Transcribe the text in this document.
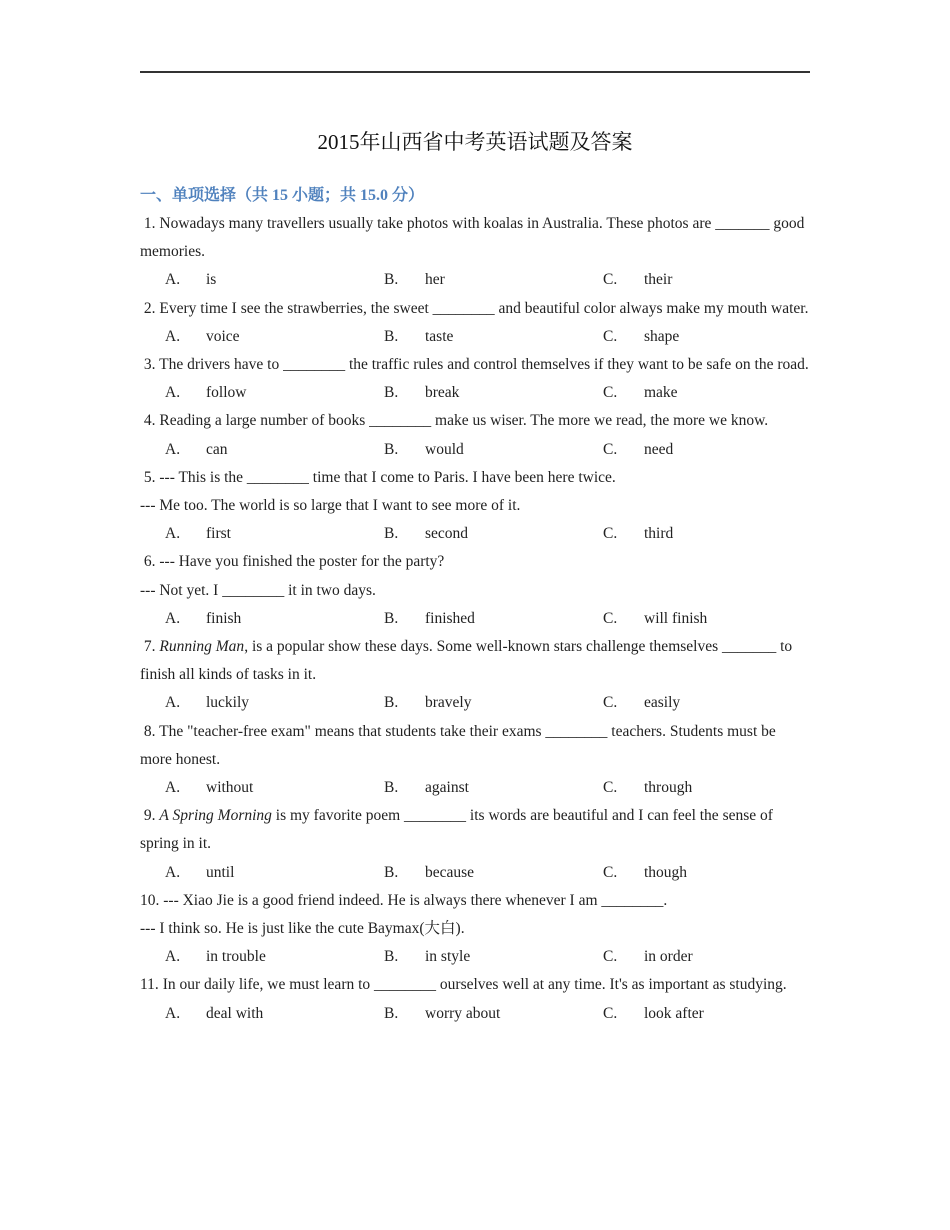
2015年山西省中考英语试题及答案
一、单项选择（共 15 小题；共 15.0 分）

1. Nowadays many travellers usually take photos with koalas in Australia. These photos are _______ good memories.

A. is	B. her	C. their

2. Every time I see the strawberries, the sweet ________ and beautiful color always make my mouth water.

A. voice	B. taste	C. shape

3. The drivers have to ________ the traffic rules and control themselves if they want to be safe on the road.

A. follow	B. break	C. make

4. Reading a large number of books ________ make us wiser. The more we read, the more we know.

A. can	B. would	C. need

5. --- This is the ________ time that I come to Paris. I have been here twice.

--- Me too. The world is so large that I want to see more of it.

A. first	B. second	C. third

6. --- Have you finished the poster for the party?

--- Not yet. I ________ it in two days.

A. finish	B. finished	C. will finish

7. Running Man, is a popular show these days. Some well-known stars challenge themselves _______ to finish all kinds of tasks in it.

A. luckily	B. bravely	C. easily

8. The "teacher-free exam" means that students take their exams ________ teachers. Students must be more honest.

A. without	B. against	C. through

9. A Spring Morning is my favorite poem ________ its words are beautiful and I can feel the sense of spring in it.

A. until	B. because	C. though

10. --- Xiao Jie is a good friend indeed. He is always there whenever I am ________.

--- I think so. He is just like the cute Baymax(大白).

A. in trouble	B. in style	C. in order

11. In our daily life, we must learn to ________ ourselves well at any time. It's as important as studying.

A. deal with	B. worry about	C. look after
